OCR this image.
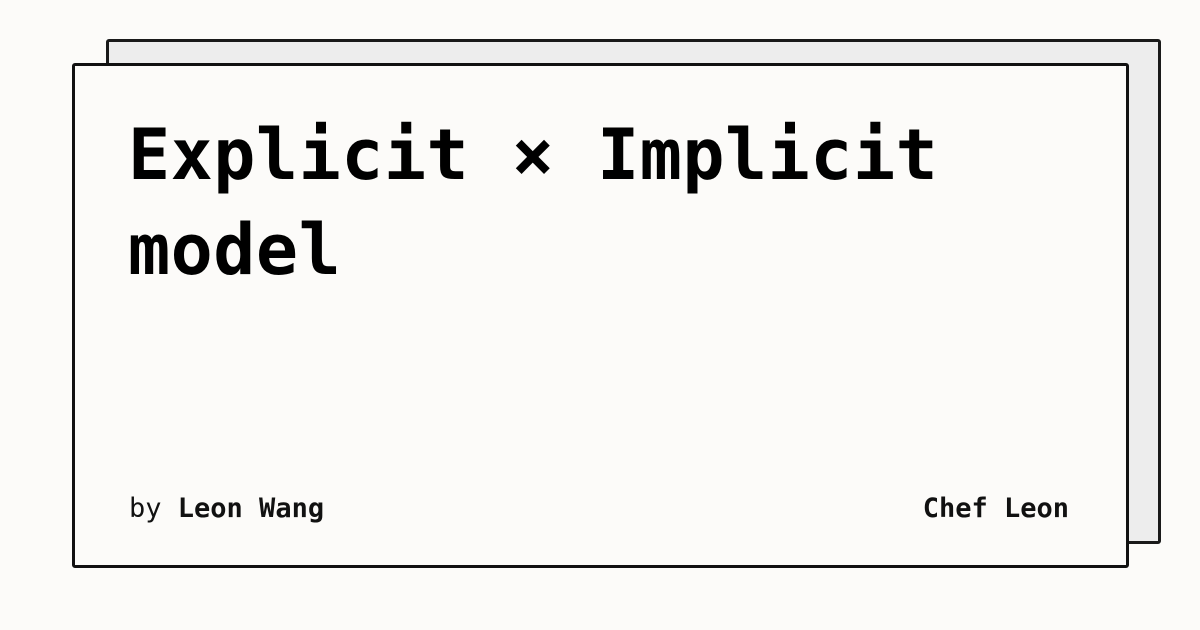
Explicit × Implicit model
by Leon Wang	Chef Leon
